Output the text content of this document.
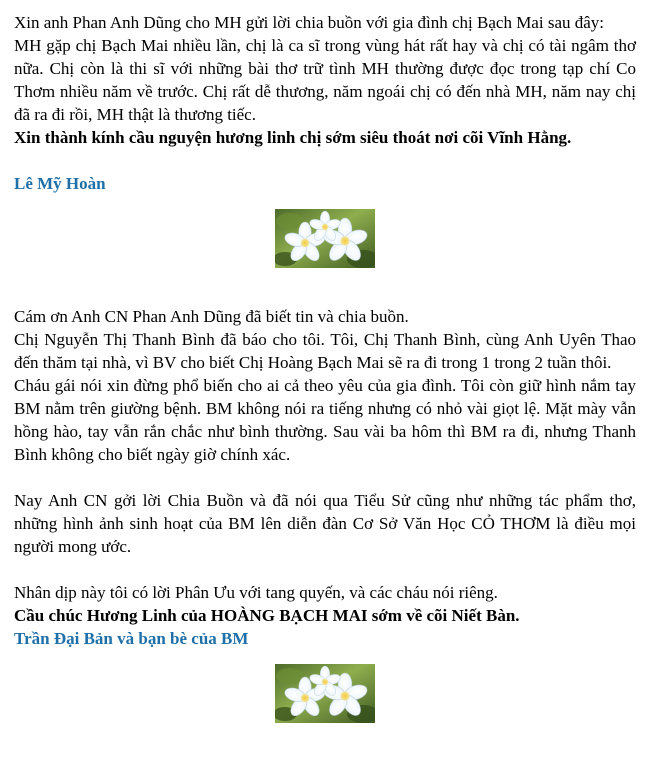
Xin anh Phan Anh Dũng cho MH gửi lời chia buồn với gia đình chị Bạch Mai sau đây:

MH gặp chị Bạch Mai nhiều lần, chị là ca sĩ trong vùng hát rất hay và chị có tài ngâm thơ nữa. Chị còn là thi sĩ với những bài thơ trữ tình MH thường được đọc trong tạp chí Co Thơm nhiều năm về trước. Chị rất dễ thương, năm ngoái chị có đến nhà MH, năm nay chị đã ra đi rồi, MH thật là thương tiếc.

Xin thành kính cầu nguyện hương linh chị sớm siêu thoát nơi cõi Vĩnh Hằng.

Lê Mỹ Hoàn

Cám ơn Anh CN Phan Anh Dũng đã biết tin và chia buồn.

Chị Nguyễn Thị Thanh Bình đã báo cho tôi. Tôi, Chị Thanh Bình, cùng Anh Uyên Thao đến thăm tại nhà, vì BV cho biết Chị Hoàng Bạch Mai sẽ ra đi trong 1 trong 2 tuần thôi.

Cháu gái nói xin đừng phổ biến cho ai cả theo yêu của gia đình. Tôi còn giữ hình nắm tay BM nằm trên giường bệnh. BM không nói ra tiếng nhưng có nhỏ vài giọt lệ. Mặt mày vẫn hồng hào, tay vẫn rắn chắc như bình thường. Sau vài ba hôm thì BM ra đi, nhưng Thanh Bình không cho biết ngày giờ chính xác.

Nay Anh CN gởi lời Chia Buồn và đã nói qua Tiểu Sử cũng như những tác phẩm thơ, những hình ảnh sinh hoạt của BM lên diễn đàn Cơ Sở Văn Học CỎ THƠM là điều mọi người mong ước.

Nhân dịp này tôi có lời Phân Ưu với tang quyến, và các cháu nói riêng.

Cầu chúc Hương Linh của HOÀNG BẠCH MAI sớm về cõi Niết Bàn.

Trần Đại Bản và bạn bè của BM
